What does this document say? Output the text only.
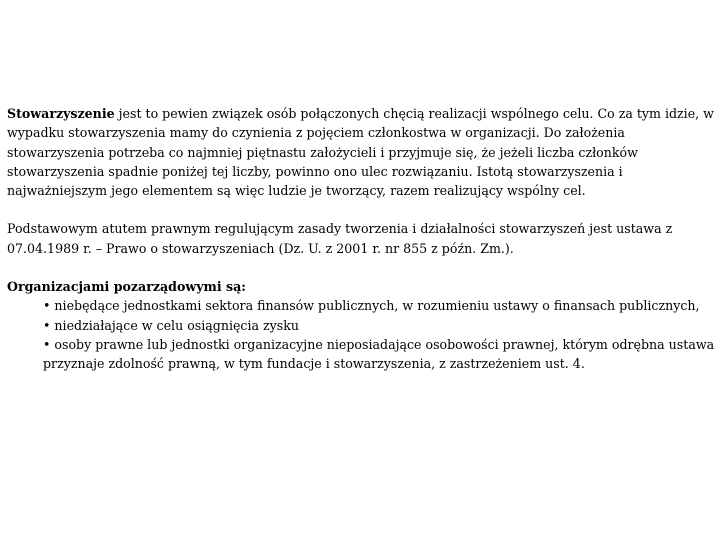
Stowarzyszenie jest to pewien związek osób połączonych chęcią realizacji wspólnego celu. Co za tym idzie, w wypadku stowarzyszenia mamy do czynienia z pojęciem członkostwa w organizacji. Do założenia stowarzyszenia potrzeba co najmniej piętnastu założycieli i przyjmuje się, że jeżeli liczba członków stowarzyszenia spadnie poniżej tej liczby, powinno ono ulec rozwiązaniu. Istotą stowarzyszenia i najważniejszym jego elementem są więc ludzie je tworzący, razem realizujący wspólny cel.

Podstawowym atutem prawnym regulującym zasady tworzenia i działalności stowarzyszeń jest ustawa z 07.04.1989 r. – Prawo o stowarzyszeniach (Dz. U. z 2001 r. nr 855 z późn. Zm.).

Organizacjami pozarządowymi są:

• niebędące jednostkami sektora finansów publicznych, w rozumieniu ustawy o finansach publicznych,
• niedziałające w celu osiągnięcia zysku
• osoby prawne lub jednostki organizacyjne nieposiadające osobowości prawnej, którym odrębna ustawa przyznaje zdolność prawną, w tym fundacje i stowarzyszenia, z zastrzeżeniem ust. 4.
